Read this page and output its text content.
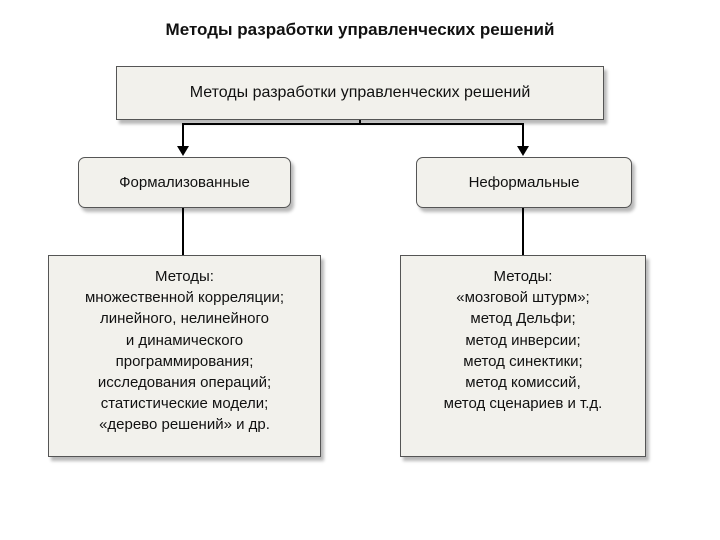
Методы разработки управленческих решений
Методы разработки управленческих решений
Формализованные	Неформальные
Методы:
множественной корреляции;
линейного, нелинейного
и динамического
программирования;
исследования операций;
статистические модели;
«дерево решений» и др.
Методы:
«мозговой штурм»;
метод Дельфи;
метод инверсии;
метод синектики;
метод комиссий,
метод сценариев и т.д.
